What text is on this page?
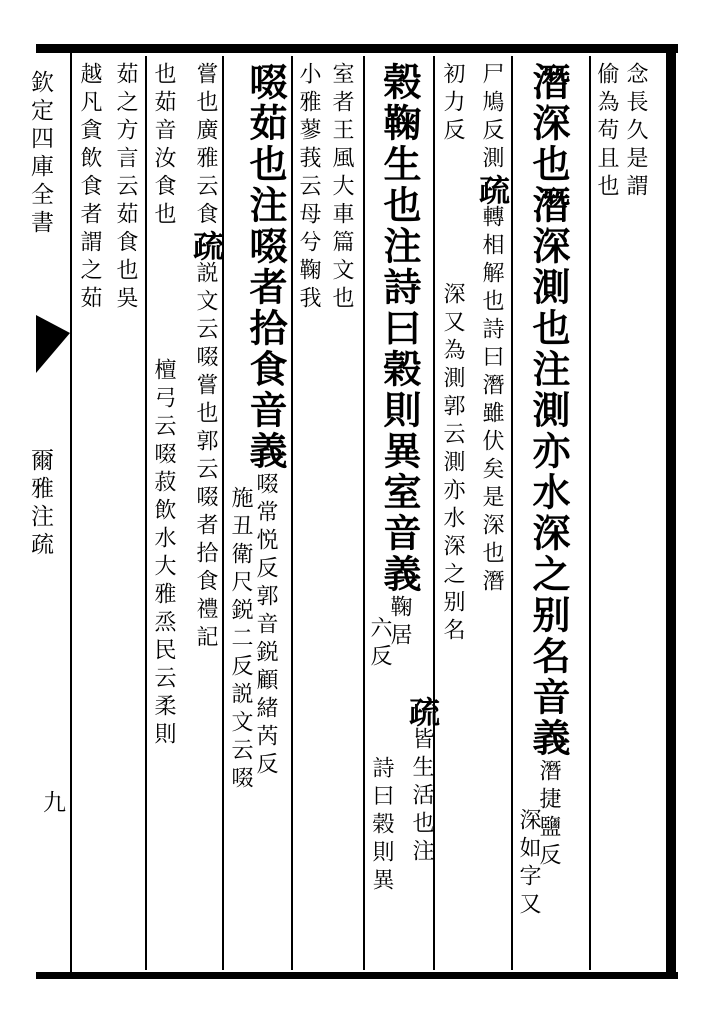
欽定四庫全書
爾雅注疏
九
念長久是謂
偷為苟且也
潛深也潛深測也注測亦水深之别名音義潛捷鹽反
深如字又
尸鳩反測疏轉相解也詩曰潛雖伏矣是深也潛
初力反
深又為測郭云測亦水深之别名
榖鞠生也注詩曰榖則異室音義鞠居
六反
疏皆生活也注
詩曰榖則異
室者王風大車篇文也
小雅蓼莪云母兮鞠我
啜茹也注啜者拾食音義啜常悦反郭音鋭顧緒芮反
施丑衛尺鋭二反説文云啜
嘗也廣雅云食疏説文云啜嘗也郭云啜者拾食禮記
也茹音汝食也
檀弓云啜菽飲水大雅烝民云柔則
茹之方言云茹食也吳
越凡貪飲食者謂之茹
